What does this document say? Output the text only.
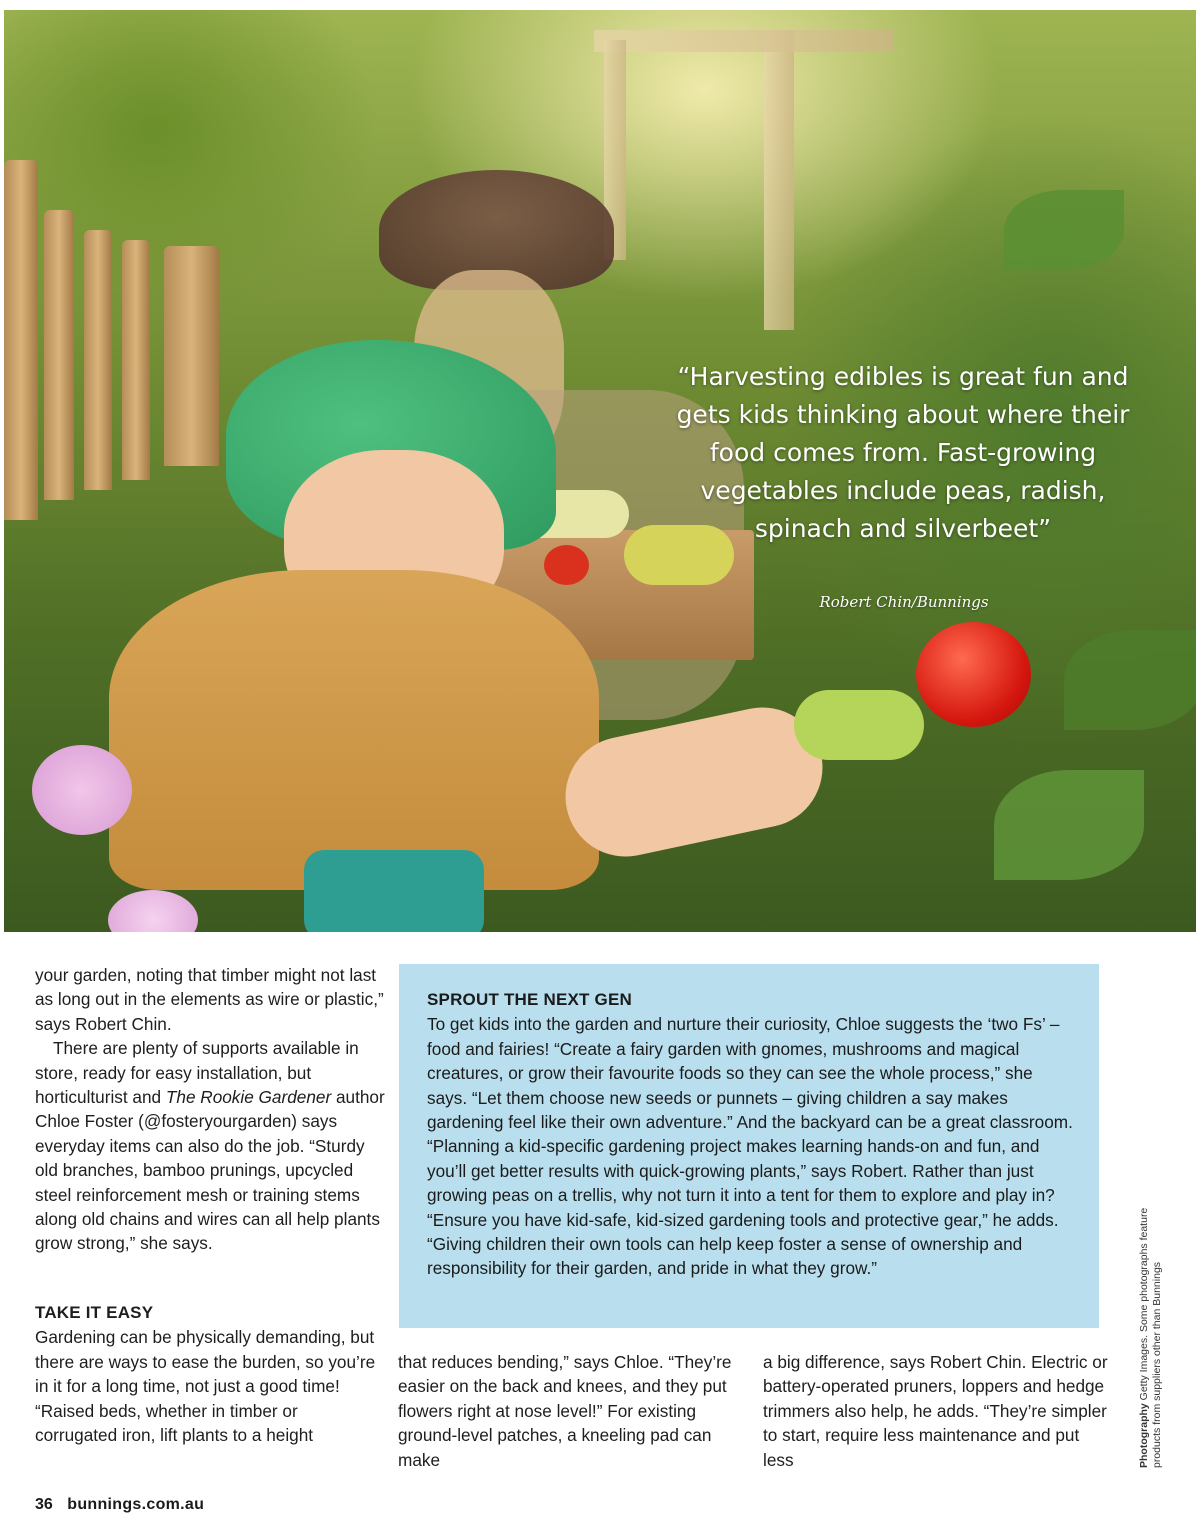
“Harvesting edibles is great fun and gets kids thinking about where their food comes from. Fast-growing vegetables include peas, radish, spinach and silverbeet”
Robert Chin/Bunnings

your garden, noting that timber might not last as long out in the elements as wire or plastic,” says Robert Chin.

There are plenty of supports available in store, ready for easy installation, but horticulturist and The Rookie Gardener author Chloe Foster (@fosteryourgarden) says everyday items can also do the job. “Sturdy old branches, bamboo prunings, upcycled steel reinforcement mesh or training stems along old chains and wires can all help plants grow strong,” she says.

TAKE IT EASY

Gardening can be physically demanding, but there are ways to ease the burden, so you’re in it for a long time, not just a good time! “Raised beds, whether in timber or corrugated iron, lift plants to a height

that reduces bending,” says Chloe. “They’re easier on the back and knees, and they put flowers right at nose level!” For existing ground-level patches, a kneeling pad can make

a big difference, says Robert Chin. Electric or battery-operated pruners, loppers and hedge trimmers also help, he adds. “They’re simpler to start, require less maintenance and put less

SPROUT THE NEXT GEN

To get kids into the garden and nurture their curiosity, Chloe suggests the ‘two Fs’ – food and fairies! “Create a fairy garden with gnomes, mushrooms and magical creatures, or grow their favourite foods so they can see the whole process,” she says. “Let them choose new seeds or punnets – giving children a say makes gardening feel like their own adventure.” And the backyard can be a great classroom. “Planning a kid-specific gardening project makes learning hands-on and fun, and you’ll get better results with quick-growing plants,” says Robert. Rather than just growing peas on a trellis, why not turn it into a tent for them to explore and play in? “Ensure you have kid-safe, kid-sized gardening tools and protective gear,” he adds. “Giving children their own tools can help keep foster a sense of ownership and responsibility for their garden, and pride in what they grow.”

Photography Getty Images. Some photographs feature products from suppliers other than Bunnings
36 bunnings.com.au
